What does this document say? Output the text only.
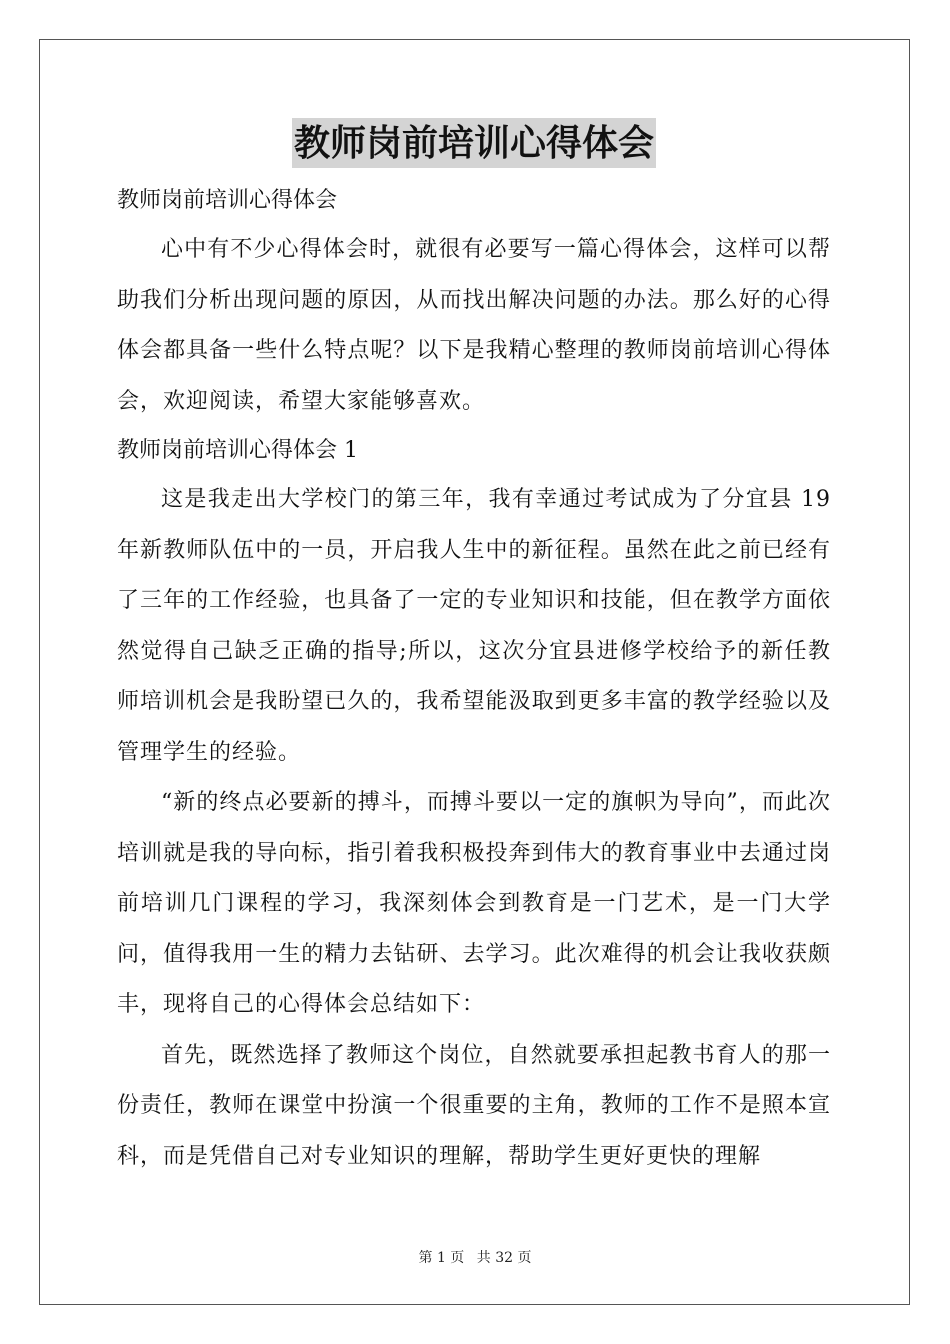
教师岗前培训心得体会

教师岗前培训心得体会

心中有不少心得体会时，就很有必要写一篇心得体会，这样可以帮助我们分析出现问题的原因，从而找出解决问题的办法。那么好的心得体会都具备一些什么特点呢？以下是我精心整理的教师岗前培训心得体会，欢迎阅读，希望大家能够喜欢。

教师岗前培训心得体会 1

这是我走出大学校门的第三年，我有幸通过考试成为了分宜县 19 年新教师队伍中的一员，开启我人生中的新征程。虽然在此之前已经有了三年的工作经验，也具备了一定的专业知识和技能，但在教学方面依然觉得自己缺乏正确的指导;所以，这次分宜县进修学校给予的新任教师培训机会是我盼望已久的，我希望能汲取到更多丰富的教学经验以及管理学生的经验。

“新的终点必要新的搏斗，而搏斗要以一定的旗帜为导向”，而此次培训就是我的导向标，指引着我积极投奔到伟大的教育事业中去通过岗前培训几门课程的学习，我深刻体会到教育是一门艺术，是一门大学问，值得我用一生的精力去钻研、去学习。此次难得的机会让我收获颇丰，现将自己的心得体会总结如下：

首先，既然选择了教师这个岗位，自然就要承担起教书育人的那一份责任，教师在课堂中扮演一个很重要的主角，教师的工作不是照本宣科，而是凭借自己对专业知识的理解，帮助学生更好更快的理解

第 1 页 共 32 页
